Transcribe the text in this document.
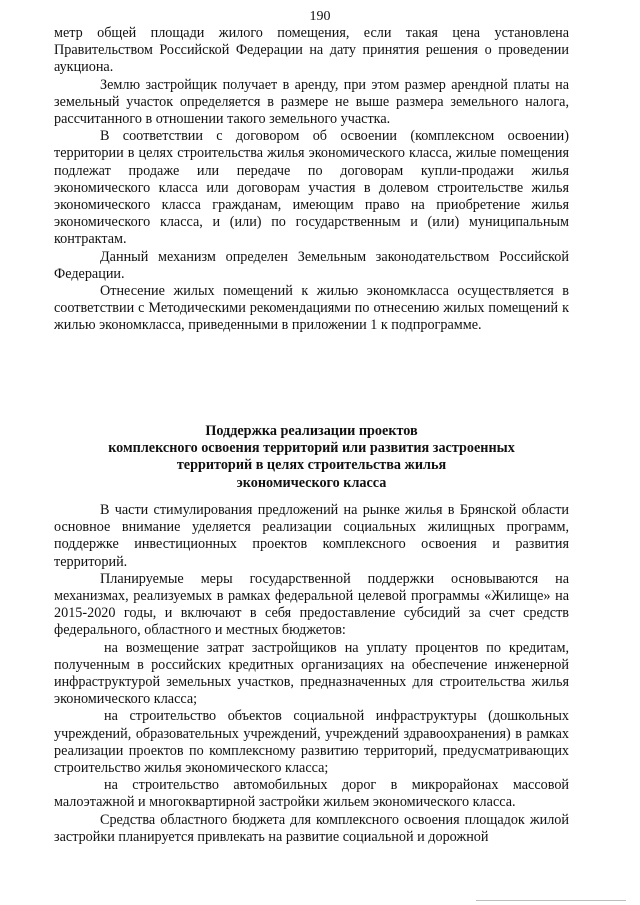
190

метр общей площади жилого помещения, если такая цена установлена Правительством Российской Федерации на дату принятия решения о проведении аукциона.

Землю застройщик получает в аренду, при этом размер арендной платы на земельный участок определяется в размере не выше размера земельного налога, рассчитанного в отношении такого земельного участка.

В соответствии с договором об освоении (комплексном освоении) территории в целях строительства жилья экономического класса, жилые помещения подлежат продаже или передаче по договорам купли-продажи жилья экономического класса или договорам участия в долевом строительстве жилья экономического класса гражданам, имеющим право на приобретение жилья экономического класса, и (или) по государственным и (или) муниципальным контрактам.

Данный механизм определен Земельным законодательством Российской Федерации.

Отнесение жилых помещений к жилью экономкласса осуществляется в соответствии с Методическими рекомендациями по отнесению жилых помещений к жилью экономкласса, приведенными в приложении 1 к подпрограмме.

Поддержка реализации проектов
комплексного освоения территорий или развития застроенных
территорий в целях строительства жилья
экономического класса

В части стимулирования предложений на рынке жилья в Брянской области основное внимание уделяется реализации социальных жилищных программ, поддержке инвестиционных проектов комплексного освоения и развития территорий.

Планируемые меры государственной поддержки основываются на механизмах, реализуемых в рамках федеральной целевой программы «Жилище» на 2015-2020 годы, и включают в себя предоставление субсидий за счет средств федерального, областного и местных бюджетов:

на возмещение затрат застройщиков на уплату процентов по кредитам, полученным в российских кредитных организациях на обеспечение инженерной инфраструктурой земельных участков, предназначенных для строительства жилья экономического класса;

на строительство объектов социальной инфраструктуры (дошкольных учреждений, образовательных учреждений, учреждений здравоохранения) в рамках реализации проектов по комплексному развитию территорий, предусматривающих строительство жилья экономического класса;

на строительство автомобильных дорог в микрорайонах массовой малоэтажной и многоквартирной застройки жильем экономического класса.

Средства областного бюджета для комплексного освоения площадок жилой застройки планируется привлекать на развитие социальной и дорожной
